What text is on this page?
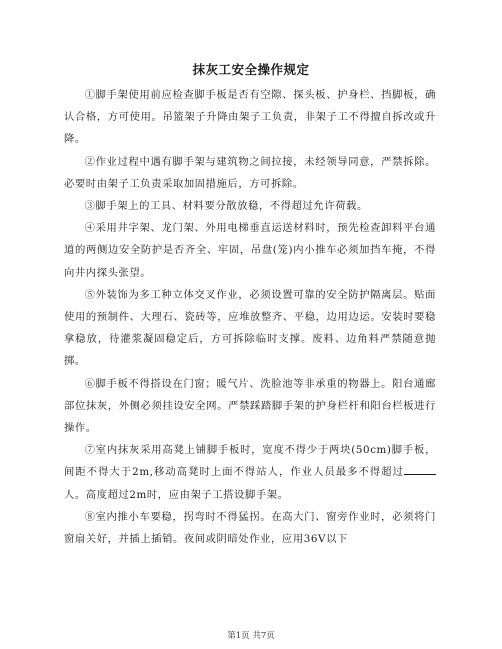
抹灰工安全操作规定

①脚手架使用前应检查脚手板是否有空隙、探头板、护身栏、挡脚板，确认合格，方可使用。吊篮架子升降由架子工负责，非架子工不得擅自拆改或升降。

②作业过程中遇有脚手架与建筑物之间拉接，未经领导同意，严禁拆除。必要时由架子工负责采取加固措施后，方可拆除。

③脚手架上的工具、材料要分散放稳，不得超过允许荷载。

④采用井字架、龙门架、外用电梯垂直运送材料时，预先检查卸料平台通道的两侧边安全防护是否齐全、牢固，吊盘(笼)内小推车必须加挡车掩，不得向井内探头张望。

⑤外装饰为多工种立体交叉作业，必须设置可靠的安全防护隔离层。贴面使用的预制件、大理石、瓷砖等，应堆放整齐、平稳，边用边运。安装时要稳拿稳放，待灌浆凝固稳定后，方可拆除临时支撑。废料、边角料严禁随意抛掷。

⑥脚手板不得搭设在门窗；暖气片、洗脸池等非承重的物器上。阳台通廊部位抹灰，外侧必须挂设安全网。严禁踩踏脚手架的护身栏杆和阳台栏板进行操作。

⑦室内抹灰采用高凳上铺脚手板时，宽度不得少于两块(50cm)脚手板，间距不得大于2m,移动高凳时上面不得站人，作业人员最多不得超过人。高度超过2m时，应由架子工搭设脚手架。

⑧室内推小车要稳，拐弯时不得猛拐。在高大门、窗旁作业时，必须将门窗扇关好，并插上插销。夜间或阴暗处作业，应用36V以下

第1页 共7页
